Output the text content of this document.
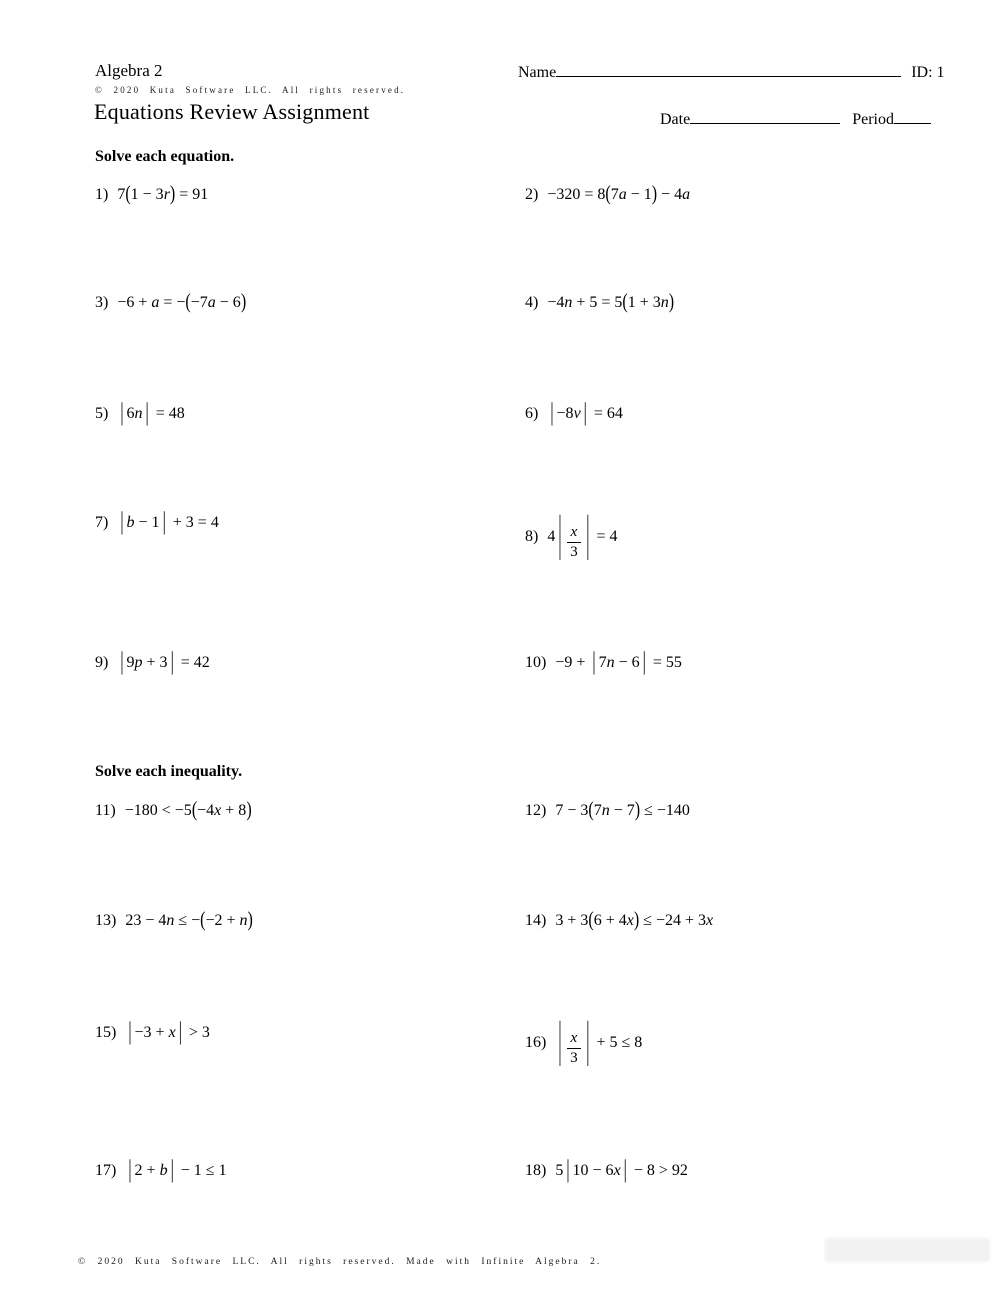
Algebra 2
© 2020 Kuta Software LLC. All rights reserved.
Name	ID: 1
Equations Review Assignment	Date	Period
Solve each equation.
1) 7(1 − 3r) = 91	2) −320 = 8(7a − 1) − 4a
3) −6 + a = −(−7a − 6)	4) −4n + 5 = 5(1 + 3n)
5) | 6n | = 48	6) | −8v | = 64
7) | b − 1 | + 3 = 4
8) 4 | $\frac{x}{3}$ | = 4
9) | 9p + 3 | = 42	10) −9 + | 7n − 6 | = 55
Solve each inequality.
11) −180 < −5(−4x + 8)	12) 7 − 3(7n − 7) ≤ −140
13) 23 − 4n ≤ −(−2 + n)	14) 3 + 3(6 + 4x) ≤ −24 + 3x
15) | −3 + x | > 3
16) | $\frac{x}{3}$ | + 5 ≤ 8
17) | 2 + b | − 1 ≤ 1	18) 5 | 10 − 6x | − 8 > 92
© 2020 Kuta Software LLC. All rights reserved. Made with Infinite Algebra 2.
